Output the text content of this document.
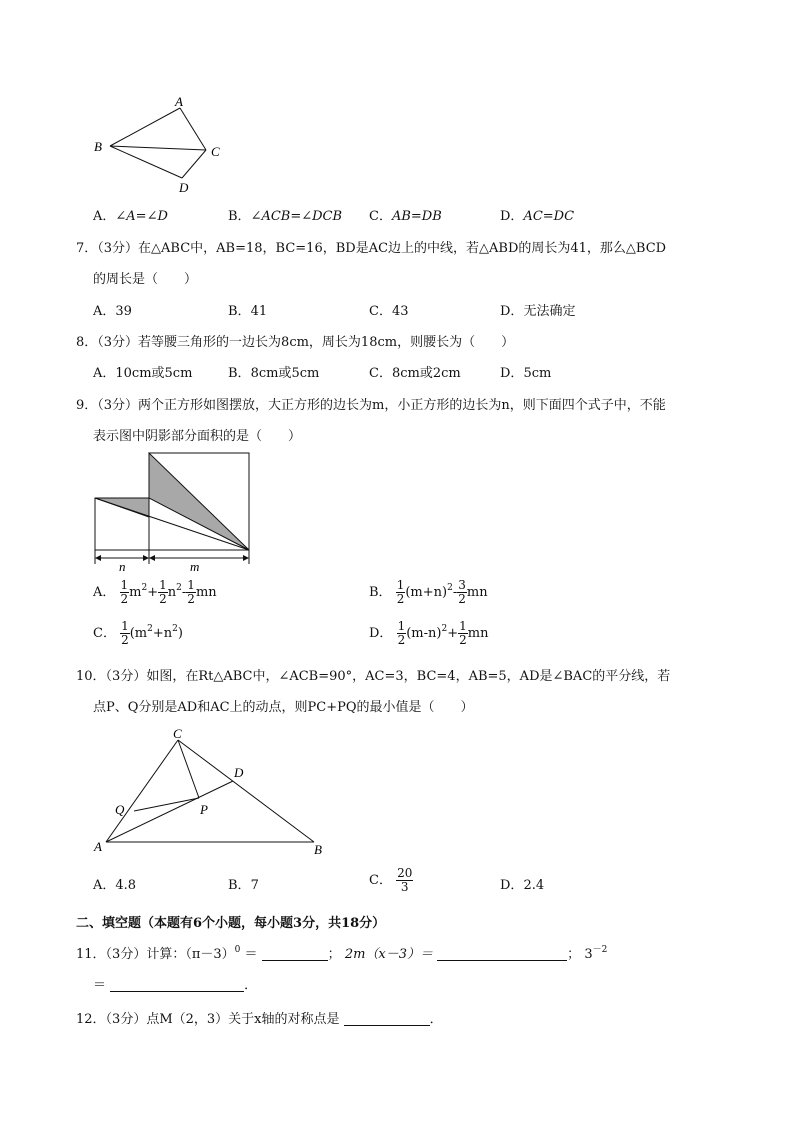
A
B	C
D
A．∠A=∠D	B．∠ACB=∠DCB C．AB=DB	D．AC=DC
7．（3分）在△ABC中，AB=18，BC=16，BD是AC边上的中线，若△ABD的周长为41，那么△BCD
的周长是（　　）
A．39	B．41	C．43	D．无法确定
8．（3分）若等腰三角形的一边长为8cm，周长为18cm，则腰长为（　　）
A．10cm或5cm	B．8cm或5cm	C．8cm或2cm	D．5cm
9．（3分）两个正方形如图摆放，大正方形的边长为m，小正方形的边长为n，则下面四个式子中，不能
表示图中阴影部分面积的是（　　）
n	m
A． $\frac{1}{2} m^2+ \frac{1}{2} n^2- \frac{1}{2}$ mn	B． $\frac{1}{2} (m+n)^2- \frac{3}{2}$ mn
C． $\frac{1}{2} (m^2+n^2)$	D． $\frac{1}{2} (m-n)^2+ \frac{1}{2}$ mn
10．（3分）如图，在Rt△ABC中，∠ACB=90°，AC=3，BC=4，AB=5，AD是∠BAC的平分线，若
点P、Q分别是AD和AC上的动点，则PC+PQ的最小值是（　　）
C
D
Q	P
A	B
A．4.8	B．7	C． $\frac{20}{3}$	D．2.4
二、填空题（本题有6个小题，每小题3分，共18分）
11．（3分）计算：$(\pi-3)^0$ ＝	； 2m（x－3）＝	； $3^{-2}$
＝	．
12．（3分）点M（2，3）关于x轴的对称点是	．
